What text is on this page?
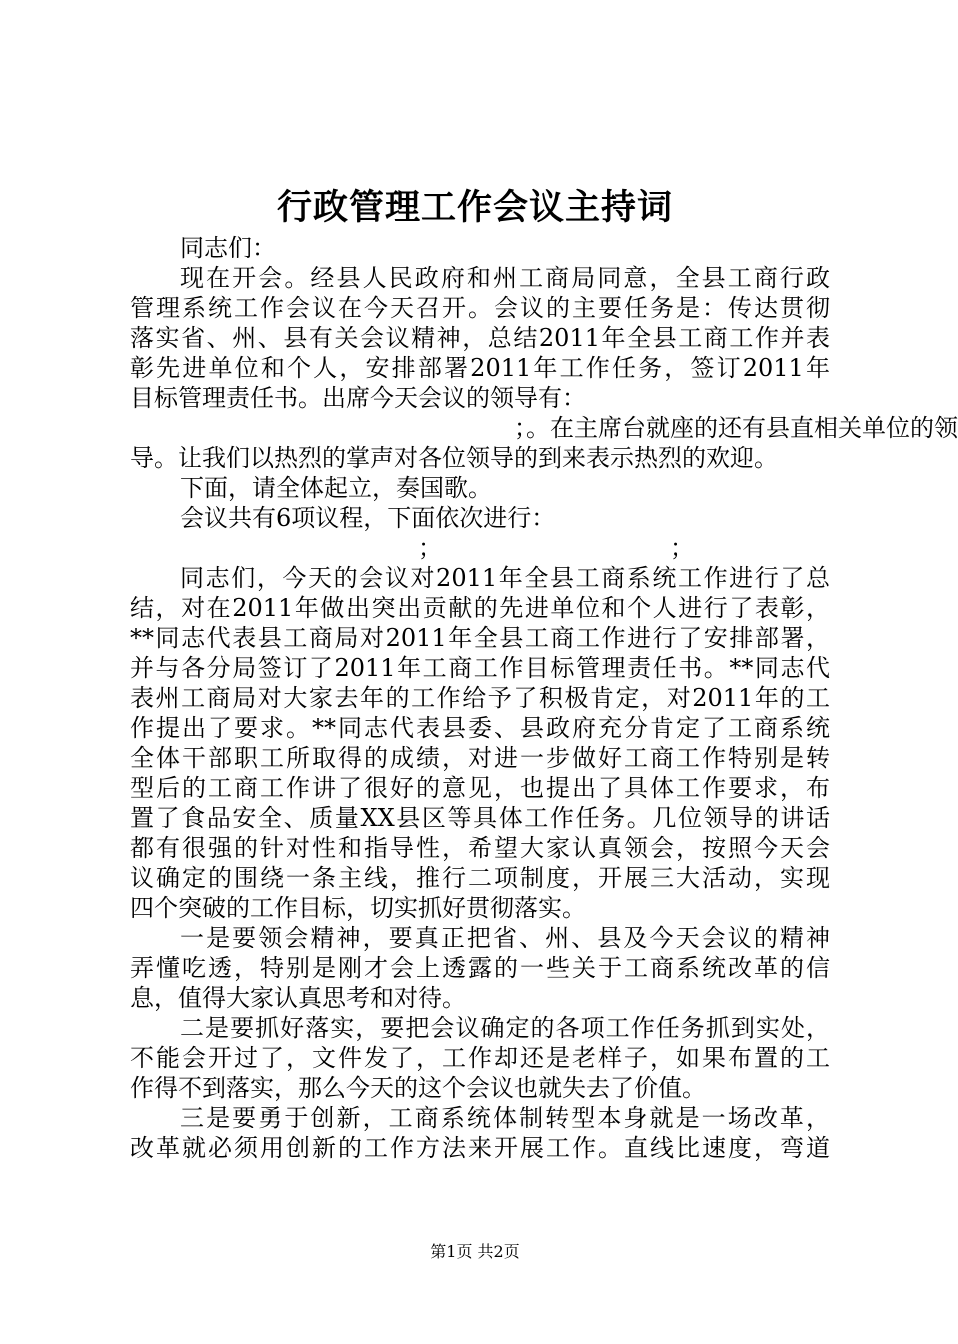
行政管理工作会议主持词
同志们：
现在开会。经县人民政府和州工商局同意，全县工商行政
管理系统工作会议在今天召开。会议的主要任务是：传达贯彻
落实省、州、县有关会议精神，总结2011年全县工商工作并表
彰先进单位和个人，安排部署2011年工作任务，签订2011年
目标管理责任书。出席今天会议的领导有：
　　　　　　　　　　　　　　　　；。在主席台就座的还有县直相关单位的领
导。让我们以热烈的掌声对各位领导的到来表示热烈的欢迎。
下面，请全体起立，奏国歌。
会议共有6项议程，下面依次进行：
　　　　　　　　　　　　；　　　　　　　　　　；
同志们，今天的会议对2011年全县工商系统工作进行了总
结，对在2011年做出突出贡献的先进单位和个人进行了表彰，
**同志代表县工商局对2011年全县工商工作进行了安排部署，
并与各分局签订了2011年工商工作目标管理责任书。**同志代
表州工商局对大家去年的工作给予了积极肯定，对2011年的工
作提出了要求。**同志代表县委、县政府充分肯定了工商系统
全体干部职工所取得的成绩，对进一步做好工商工作特别是转
型后的工商工作讲了很好的意见，也提出了具体工作要求，布
置了食品安全、质量XX县区等具体工作任务。几位领导的讲话
都有很强的针对性和指导性，希望大家认真领会，按照今天会
议确定的围绕一条主线，推行二项制度，开展三大活动，实现
四个突破的工作目标，切实抓好贯彻落实。
一是要领会精神，要真正把省、州、县及今天会议的精神
弄懂吃透，特别是刚才会上透露的一些关于工商系统改革的信
息，值得大家认真思考和对待。
二是要抓好落实，要把会议确定的各项工作任务抓到实处，
不能会开过了，文件发了，工作却还是老样子，如果布置的工
作得不到落实，那么今天的这个会议也就失去了价值。
三是要勇于创新，工商系统体制转型本身就是一场改革，
改革就必须用创新的工作方法来开展工作。直线比速度，弯道
第1页 共2页
